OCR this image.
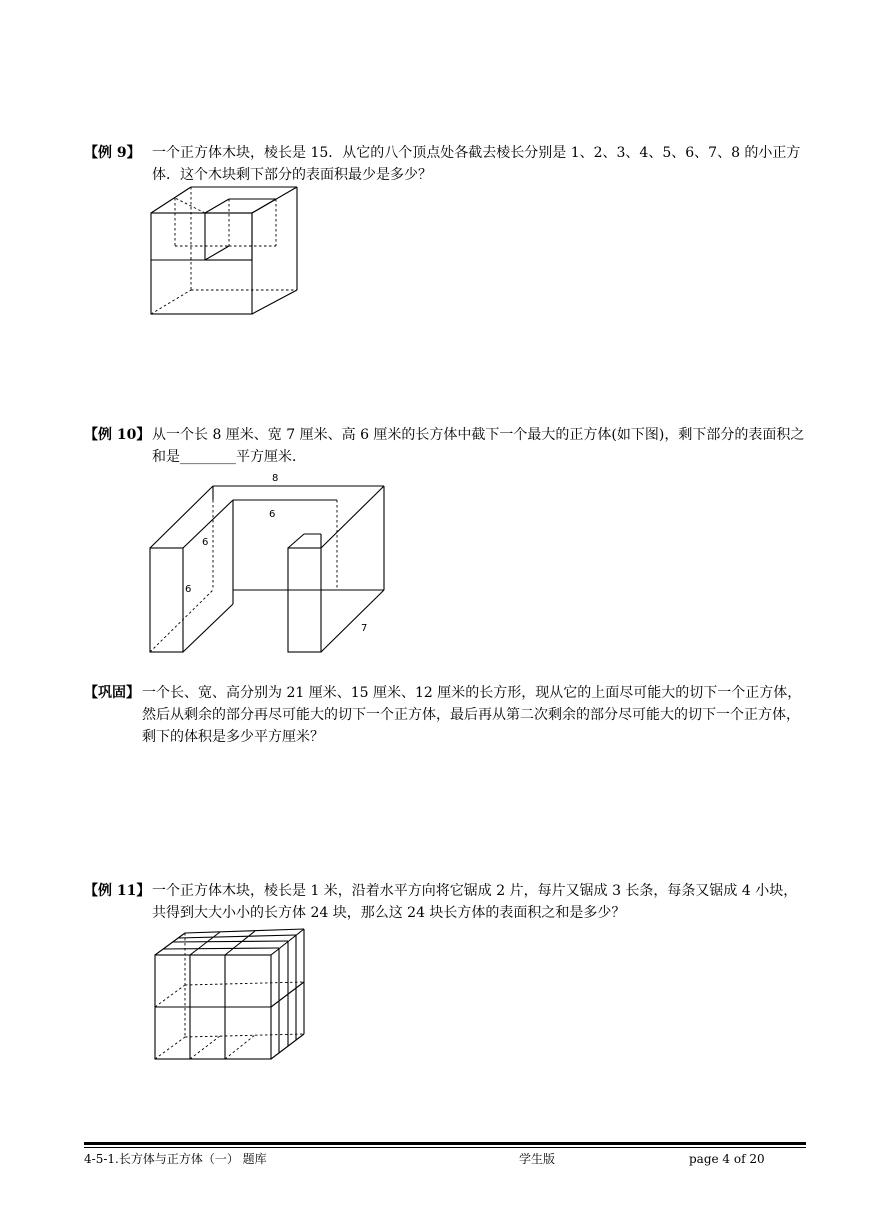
【例 9】 一个正方体木块，棱长是 15．从它的八个顶点处各截去棱长分别是 1、2、3、4、5、6、7、8 的小正方体．这个木块剩下部分的表面积最少是多少？
【例 10】 从一个长 8 厘米、宽 7 厘米、高 6 厘米的长方体中截下一个最大的正方体(如下图)，剩下部分的表面积之和是________平方厘米．
8
6
6
6
7
【巩固】 一个长、宽、高分别为 21 厘米、15 厘米、12 厘米的长方形，现从它的上面尽可能大的切下一个正方体，然后从剩余的部分再尽可能大的切下一个正方体，最后再从第二次剩余的部分尽可能大的切下一个正方体，剩下的体积是多少平方厘米？
【例 11】 一个正方体木块，棱长是 1 米，沿着水平方向将它锯成 2 片，每片又锯成 3 长条，每条又锯成 4 小块，共得到大大小小的长方体 24 块，那么这 24 块长方体的表面积之和是多少？
4-5-1.长方体与正方体（一） 题库	学生版	page 4 of 20
